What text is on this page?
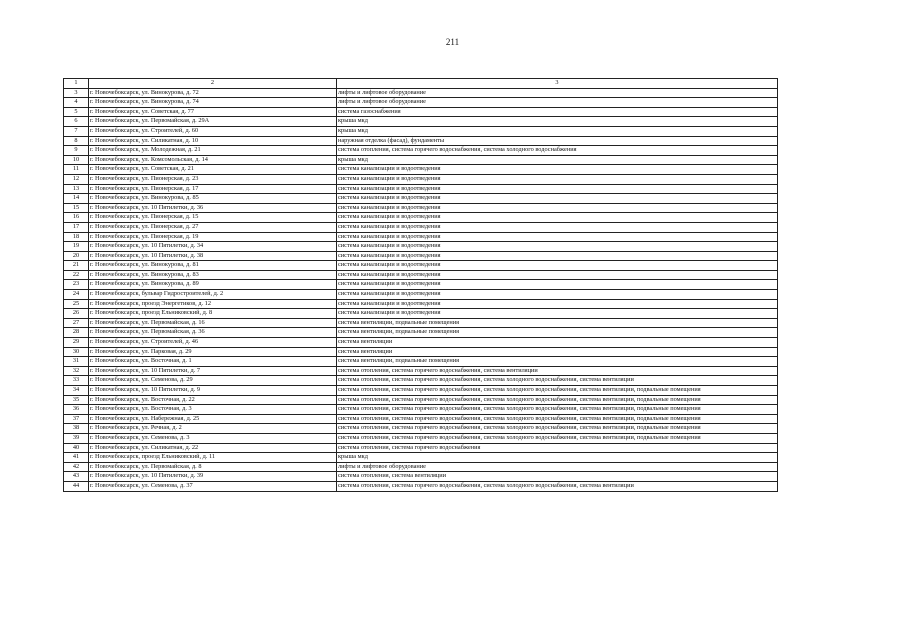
211
1	2	3
3	г. Новочебоксарск, ул. Винокурова, д. 72	лифты и лифтовое оборудование
4	г. Новочебоксарск, ул. Винокурова, д. 74	лифты и лифтовое оборудование
5	г. Новочебоксарск, ул. Советская, д. 77	система газоснабжения
6	г. Новочебоксарск, ул. Первомайская, д. 29А	крыша мкд
7	г. Новочебоксарск, ул. Строителей, д. 60	крыша мкд
8	г. Новочебоксарск, ул. Силикатная, д. 10	наружная отделка (фасад), фундаменты
9	г. Новочебоксарск, ул. Молодежная, д. 21	система отопления, система горячего водоснабжения, система холодного водоснабжения
10	г. Новочебоксарск, ул. Комсомольская, д. 14	крыша мкд
11	г. Новочебоксарск, ул. Советская, д. 21	система канализации и водоотведения
12	г. Новочебоксарск, ул. Пионерская, д. 23	система канализации и водоотведения
13	г. Новочебоксарск, ул. Пионерская, д. 17	система канализации и водоотведения
14	г. Новочебоксарск, ул. Винокурова, д. 85	система канализации и водоотведения
15	г. Новочебоксарск, ул. 10 Пятилетки, д. 36	система канализации и водоотведения
16	г. Новочебоксарск, ул. Пионерская, д. 15	система канализации и водоотведения
17	г. Новочебоксарск, ул. Пионерская, д. 27	система канализации и водоотведения
18	г. Новочебоксарск, ул. Пионерская, д. 19	система канализации и водоотведения
19	г. Новочебоксарск, ул. 10 Пятилетки, д. 34	система канализации и водоотведения
20	г. Новочебоксарск, ул. 10 Пятилетки, д. 38	система канализации и водоотведения
21	г. Новочебоксарск, ул. Винокурова, д. 81	система канализации и водоотведения
22	г. Новочебоксарск, ул. Винокурова, д. 83	система канализации и водоотведения
23	г. Новочебоксарск, ул. Винокурова, д. 89	система канализации и водоотведения
24	г. Новочебоксарск, бульвар Гидростроителей, д. 2	система канализации и водоотведения
25	г. Новочебоксарск, проезд Энергетиков, д. 12	система канализации и водоотведения
26	г. Новочебоксарск, проезд Ельниковский, д. 8	система канализации и водоотведения
27	г. Новочебоксарск, ул. Первомайская, д. 16	система вентиляции, подвальные помещения
28	г. Новочебоксарск, ул. Первомайская, д. 36	система вентиляции, подвальные помещения
29	г. Новочебоксарск, ул. Строителей, д. 46	система вентиляции
30	г. Новочебоксарск, ул. Парковая, д. 29	система вентиляции
31	г. Новочебоксарск, ул. Восточная, д. 1	система вентиляции, подвальные помещения
32	г. Новочебоксарск, ул. 10 Пятилетки, д. 7	система отопления, система горячего водоснабжения, система вентиляции
33	г. Новочебоксарск, ул. Семенова, д. 29	система отопления, система горячего водоснабжения, система холодного водоснабжения, система вентиляции
34	г. Новочебоксарск, ул. 10 Пятилетки, д. 9	система отопления, система горячего водоснабжения, система холодного водоснабжения, система вентиляции, подвальные помещения
35	г. Новочебоксарск, ул. Восточная, д. 22	система отопления, система горячего водоснабжения, система холодного водоснабжения, система вентиляции, подвальные помещения
36	г. Новочебоксарск, ул. Восточная, д. 3	система отопления, система горячего водоснабжения, система холодного водоснабжения, система вентиляции, подвальные помещения
37	г. Новочебоксарск, ул. Набережная, д. 25	система отопления, система горячего водоснабжения, система холодного водоснабжения, система вентиляции, подвальные помещения
38	г. Новочебоксарск, ул. Речная, д. 2	система отопления, система горячего водоснабжения, система холодного водоснабжения, система вентиляции, подвальные помещения
39	г. Новочебоксарск, ул. Семенова, д. 3	система отопления, система горячего водоснабжения, система холодного водоснабжения, система вентиляции, подвальные помещения
40	г. Новочебоксарск, ул. Силикатная, д. 22	система отопления, система горячего водоснабжения
41	г. Новочебоксарск, проезд Ельниковский, д. 11	крыша мкд
42	г. Новочебоксарск, ул. Первомайская, д. 8	лифты и лифтовое оборудование
43	г. Новочебоксарск, ул. 10 Пятилетки, д. 39	система отопления, система вентиляции
44	г. Новочебоксарск, ул. Семенова, д. 37	система отопления, система горячего водоснабжения, система холодного водоснабжения, система вентиляции
